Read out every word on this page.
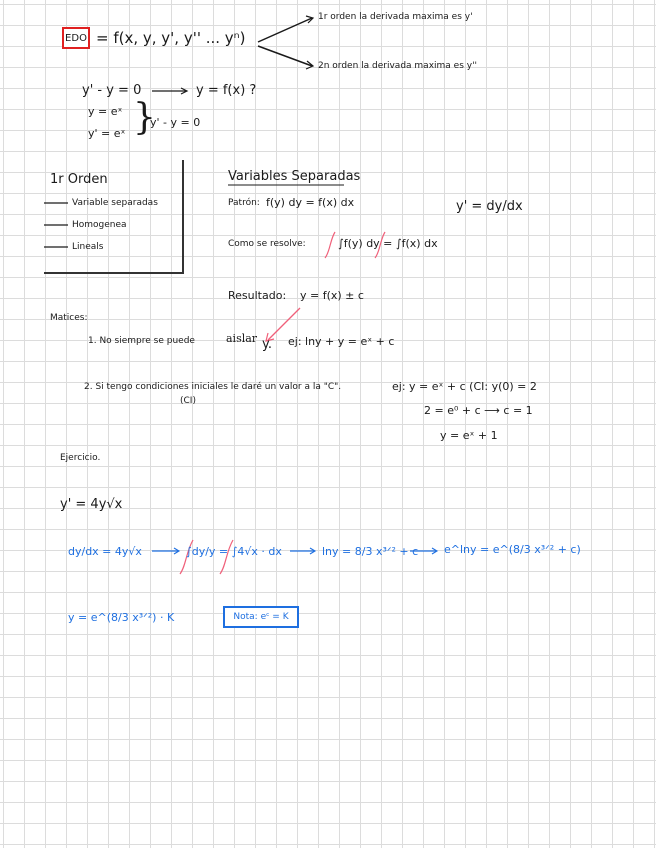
EDO = f(x, y, y', y'' ... yⁿ)
1r orden la derivada maxima es y'
2n orden la derivada maxima es y''
y' - y = 0	y = f(x) ?
y = eˣ
y' = eˣ }
y' - y = 0
1r Orden
Variable separadas
Homogenea
Lineals
Variables Separadas
Patrón: f(y) dy = f(x) dx	y' = dy/dx
Como se resolve:	∫f(y) dy = ∫f(x) dx
Resultado: y = f(x) ± c
Matices:
1. No siempre se puede	aislar y. ej: lny + y = eˣ + c
2. Si tengo condiciones iniciales le daré un valor a la "C".
(CI)
ej: y = eˣ + c (CI: y(0) = 2
2 = e⁰ + c ⟶ c = 1
y = eˣ + 1
Ejercicio.
y' = 4y√x
dy/dx = 4y√x	∫dy/y = ∫4√x · dx	lny = 8/3 x³ᐟ² + c e^lny = e^(8/3 x³ᐟ² + c)
y = e^(8/3 x³ᐟ²) · K	Nota: eᶜ = K
